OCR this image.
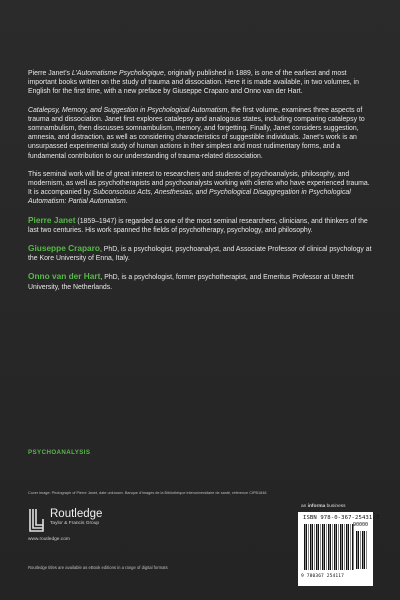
Pierre Janet’s L’Automatisme Psychologique, originally published in 1889, is one of the earliest and most important books written on the study of trauma and dissociation. Here it is made available, in two volumes, in English for the first time, with a new preface by Giuseppe Craparo and Onno van der Hart.

Catalepsy, Memory, and Suggestion in Psychological Automatism, the first volume, examines three aspects of trauma and dissociation. Janet first explores catalepsy and analogous states, including comparing catalepsy to somnambulism, then discusses somnambulism, memory, and forgetting. Finally, Janet considers suggestion, amnesia, and distraction, as well as considering characteristics of suggestible individuals. Janet’s work is an unsurpassed experimental study of human actions in their simplest and most rudimentary forms, and a fundamental contribution to our understanding of trauma-related dissociation.

This seminal work will be of great interest to researchers and students of psychoanalysis, philosophy, and modernism, as well as psychotherapists and psychoanalysts working with clients who have experienced trauma. It is accompanied by Subconscious Acts, Anesthesias, and Psychological Disaggregation in Psychological Automatism: Partial Automatism.

Pierre Janet (1859–1947) is regarded as one of the most seminal researchers, clinicians, and thinkers of the last two centuries. His work spanned the fields of psychotherapy, psychology, and philosophy.

Giuseppe Craparo, PhD, is a psychologist, psychoanalyst, and Associate Professor of clinical psychology at the Kore University of Enna, Italy.

Onno van der Hart, PhD, is a psychologist, former psychotherapist, and Emeritus Professor at Utrecht University, the Netherlands.

PSYCHOANALYSIS
Cover image: Photograph of Pierre Janet, date unknown. Banque d’images de la Bibliothèque interuniversitaire de santé, reference CIPB1848
Routledge
Taylor & Francis Group
www.routledge.com
Routledge titles are available as eBook editions in a range of digital formats
an informa business
ISBN 978-0-367-25431-7
90000
9 780367 254117
